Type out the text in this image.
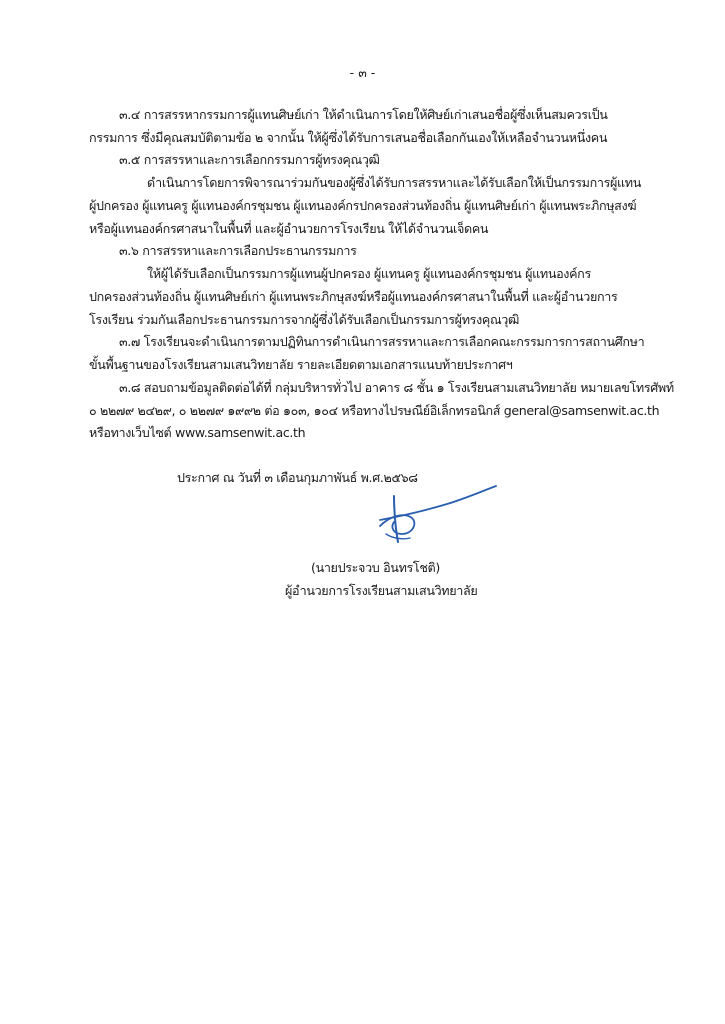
- ๓ -
๓.๔ การสรรหากรรมการผู้แทนศิษย์เก่า ให้ดำเนินการโดยให้ศิษย์เก่าเสนอชื่อผู้ซึ่งเห็นสมควรเป็น
กรรมการ ซึ่งมีคุณสมบัติตามข้อ ๒ จากนั้น ให้ผู้ซึ่งได้รับการเสนอชื่อเลือกกันเองให้เหลือจำนวนหนึ่งคน
๓.๕ การสรรหาและการเลือกกรรมการผู้ทรงคุณวุฒิ
ดำเนินการโดยการพิจารณาร่วมกันของผู้ซึ่งได้รับการสรรหาและได้รับเลือกให้เป็นกรรมการผู้แทน
ผู้ปกครอง ผู้แทนครู ผู้แทนองค์กรชุมชน ผู้แทนองค์กรปกครองส่วนท้องถิ่น ผู้แทนศิษย์เก่า ผู้แทนพระภิกษุสงฆ์
หรือผู้แทนองค์กรศาสนาในพื้นที่ และผู้อำนวยการโรงเรียน ให้ได้จำนวนเจ็ดคน
๓.๖ การสรรหาและการเลือกประธานกรรมการ
ให้ผู้ได้รับเลือกเป็นกรรมการผู้แทนผู้ปกครอง ผู้แทนครู ผู้แทนองค์กรชุมชน ผู้แทนองค์กร
ปกครองส่วนท้องถิ่น ผู้แทนศิษย์เก่า ผู้แทนพระภิกษุสงฆ์หรือผู้แทนองค์กรศาสนาในพื้นที่ และผู้อำนวยการ
โรงเรียน ร่วมกันเลือกประธานกรรมการจากผู้ซึ่งได้รับเลือกเป็นกรรมการผู้ทรงคุณวุฒิ
๓.๗ โรงเรียนจะดำเนินการตามปฏิทินการดำเนินการสรรหาและการเลือกคณะกรรมการการสถานศึกษา
ขั้นพื้นฐานของโรงเรียนสามเสนวิทยาลัย รายละเอียดตามเอกสารแนบท้ายประกาศฯ
๓.๘ สอบถามข้อมูลติดต่อได้ที่ กลุ่มบริหารทั่วไป อาคาร ๘ ชั้น ๑ โรงเรียนสามเสนวิทยาลัย หมายเลขโทรศัพท์
๐ ๒๒๗๙ ๒๔๒๙, ๐ ๒๒๗๙ ๑๙๙๒ ต่อ ๑๐๓, ๑๐๔ หรือทางไปรษณีย์อิเล็กทรอนิกส์ general@samsenwit.ac.th
หรือทางเว็บไซต์ www.samsenwit.ac.th
ประกาศ ณ วันที่ ๓ เดือนกุมภาพันธ์ พ.ศ.๒๕๖๘
(นายประจวบ อินทรโชติ)
ผู้อำนวยการโรงเรียนสามเสนวิทยาลัย
